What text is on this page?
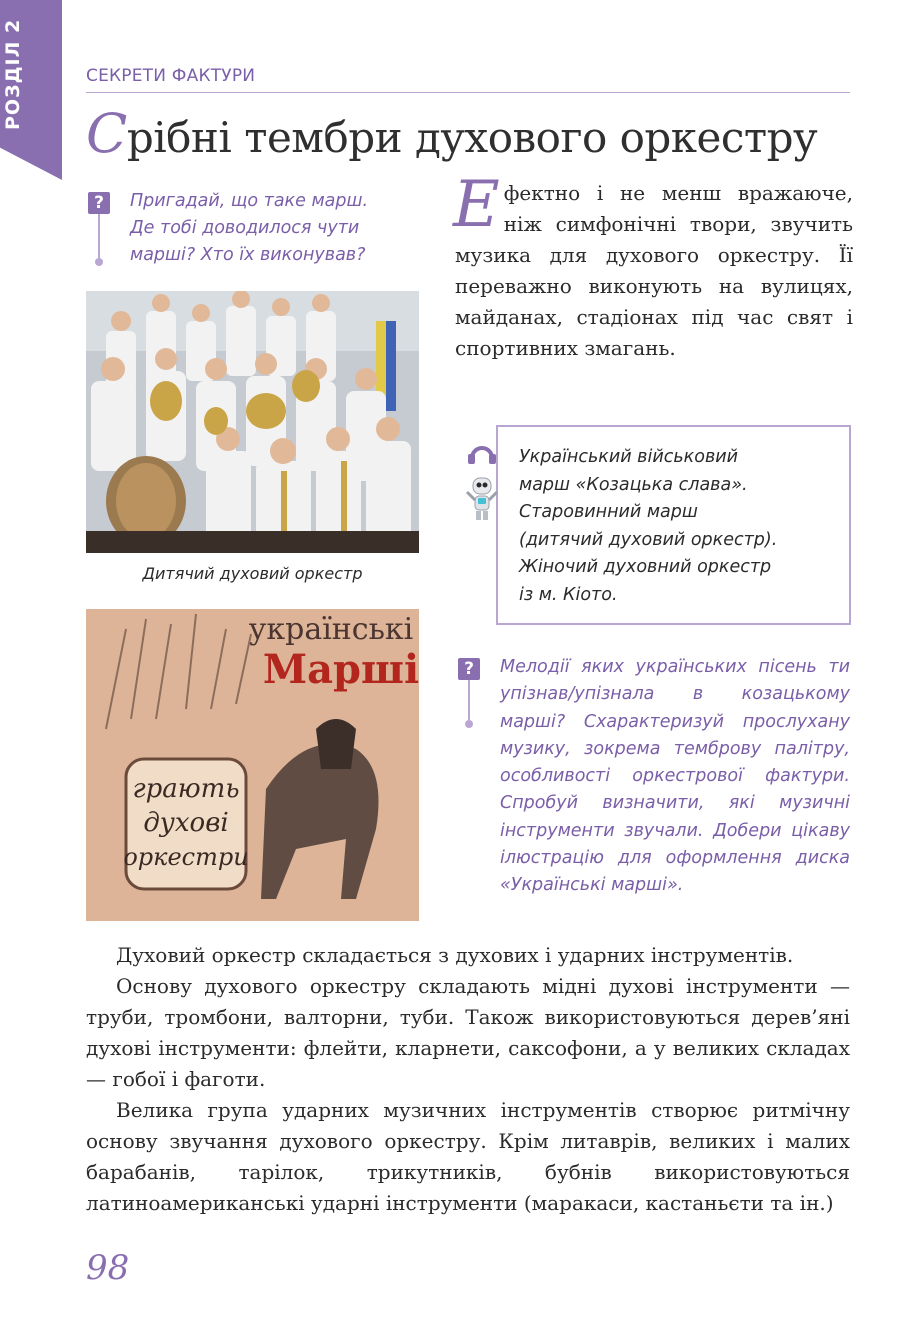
РОЗДІЛ 2	СЕКРЕТИ ФАКТУРИ
Срібні тембри духового оркестру
?	Пригадай, що таке марш.
Де тобі доводилося чути
марші? Хто їх виконував?
Ефектно і не менш вражаюче, ніж симфонічні твори, звучить музика для духового оркестру. Її переважно виконують на вулицях, майданах, стадіонах під час свят і спортивних змагань.
Дитячий духовий оркестр
грають
духові
оркестри
українські
Марші
Український військовий
марш «Козацька слава».
Старовинний марш
(дитячий духовий оркестр).
Жіночий духовний оркестр
із м. Кіото.
?	Мелодії яких українських пісень ти упізнав/упізнала в козацькому марші? Схарактеризуй прослухану музику, зокрема темброву палітру, особливості оркестрової фактури. Спробуй визначити, які музичні інструменти звучали. Добери цікаву ілюстрацію для оформлення диска «Українські марші».

Духовий оркестр складається з духових і ударних інструментів.

Основу духового оркестру складають мідні духові інструменти — труби, тромбони, валторни, туби. Також використовуються дерев’яні духові інструменти: флейти, кларнети, саксофони, а у великих складах — гобої і фаготи.

Велика група ударних музичних інструментів створює ритмічну основу звучання духового оркестру. Крім литаврів, великих і малих барабанів, тарілок, трикутників, бубнів використовуються латиноамериканські ударні інструменти (маракаси, кастаньєти та ін.)

98
